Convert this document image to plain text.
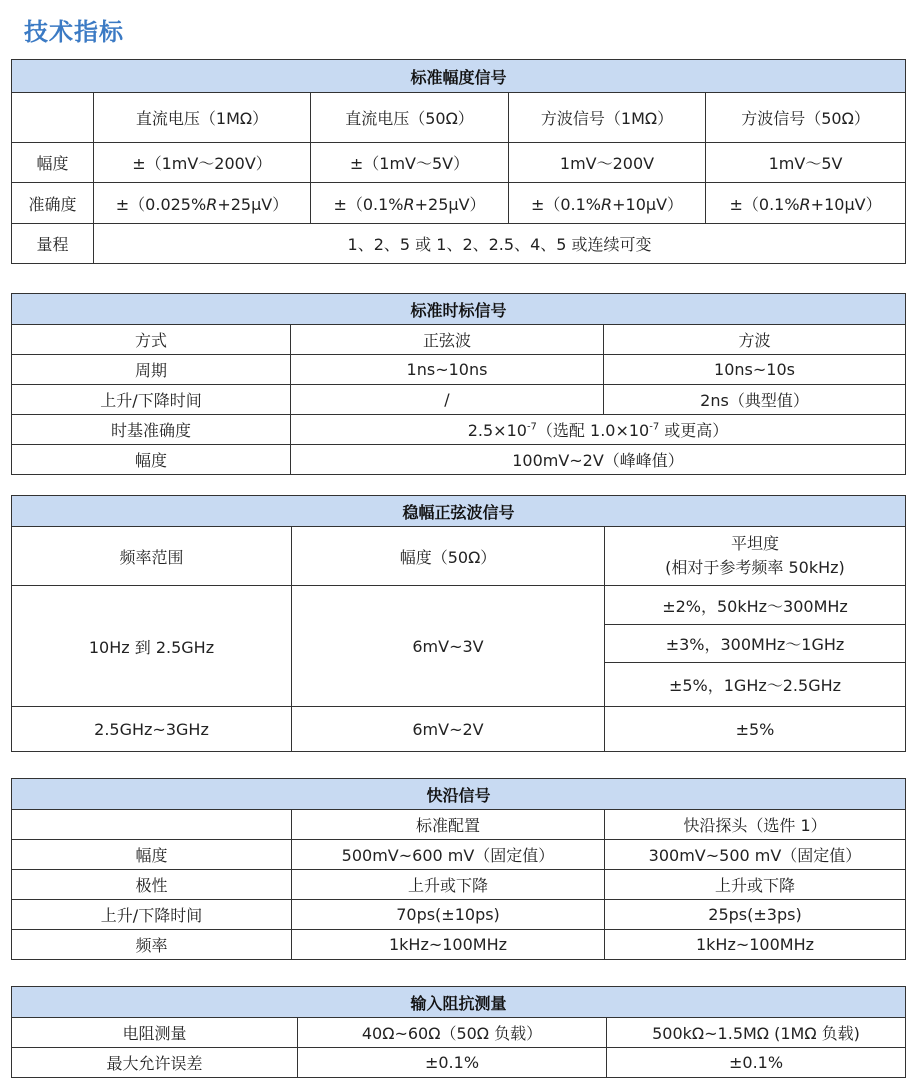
技术指标
标准幅度信号				
	直流电压（1MΩ）	直流电压（50Ω）	方波信号（1MΩ）	方波信号（50Ω）
幅度	±（1mV～200V）	±（1mV～5V）	1mV～200V	1mV～5V
准确度	±（0.025%R+25μV）	±（0.1%R+25μV）	±（0.1%R+10μV）	±（0.1%R+10μV）
量程	1、2、5 或 1、2、2.5、4、5 或连续可变			
标准时标信号		
方式	正弦波	方波
周期	1ns~10ns	10ns~10s
上升/下降时间	/	2ns（典型值）
时基准确度	$2.5\times 10^{-7}$（选配 $1.0\times 10^{-7}$ 或更高）	
幅度	100mV~2V（峰峰值）	
稳幅正弦波信号		
频率范围	幅度（50Ω）	平坦度
(相对于参考频率 50kHz)

10Hz 到 2.5GHz	6mV~3V	±2%，50kHz～300MHz
		±3%，300MHz～1GHz
		±5%，1GHz～2.5GHz
2.5GHz~3GHz	6mV~2V	±5%
快沿信号		
	标准配置	快沿探头（选件 1）
幅度	500mV~600 mV（固定值）	300mV~500 mV（固定值）
极性	上升或下降	上升或下降
上升/下降时间	70ps(±10ps)	25ps(±3ps)
频率	1kHz~100MHz	1kHz~100MHz
输入阻抗测量		
电阻测量	40Ω~60Ω（50Ω 负载）	500kΩ~1.5MΩ (1MΩ 负载)
最大允许误差	±0.1%	±0.1%
